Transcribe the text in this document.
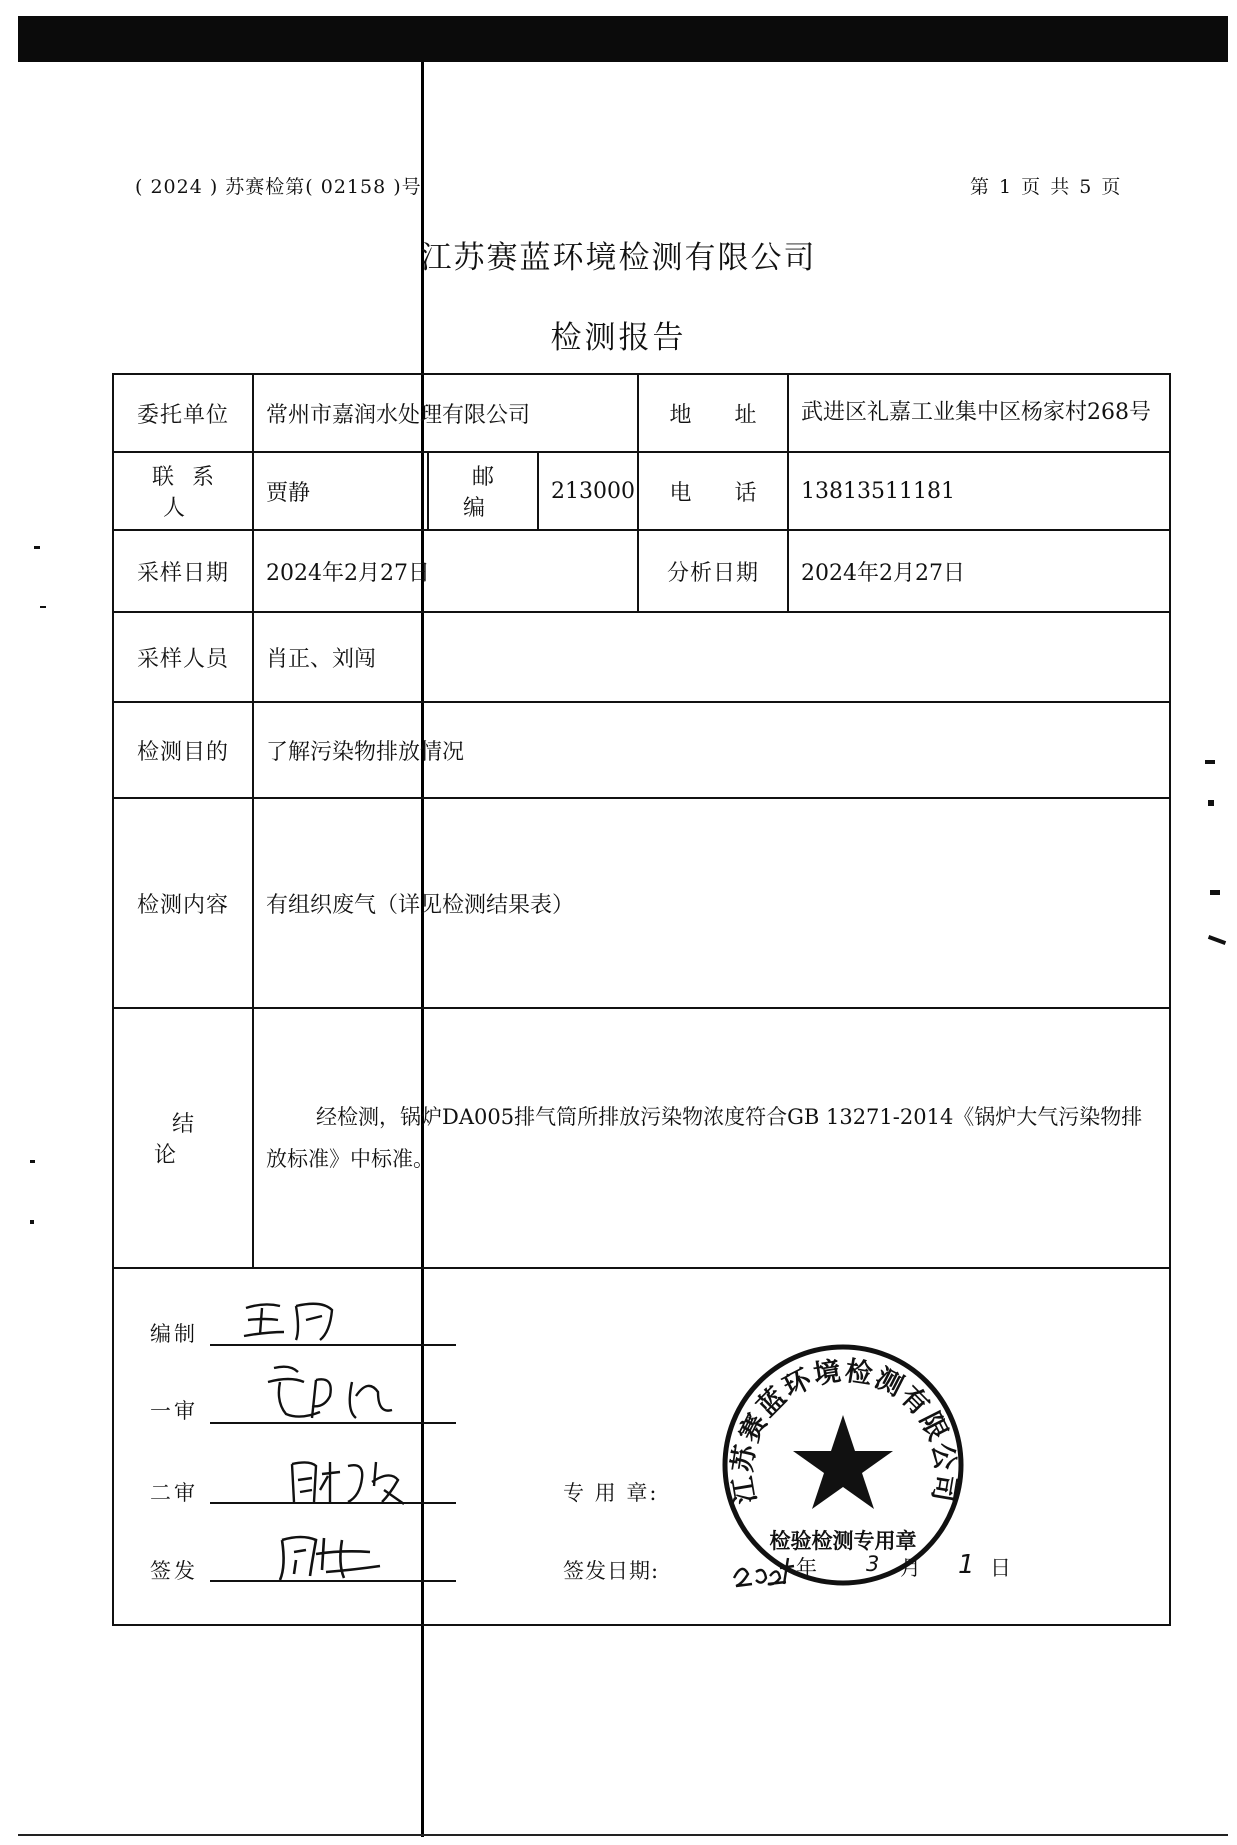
( 2024 ) 苏赛检第( 02158 )号	第 1 页 共 5 页
江苏赛蓝环境检测有限公司
检测报告
委托单位	常州市嘉润水处理有限公司			地 址	武进区礼嘉工业集中区杨家村268号
联系人	贾静	邮 编	213000	电 话	13813511181
采样日期	2024年2月27日			分析日期	2024年2月27日
采样人员	肖正、刘闯				
检测目的	了解污染物排放情况				
检测内容	有组织废气（详见检测结果表）				
结 论	经检测，锅炉DA005排气筒所排放污染物浓度符合GB 13271-2014《锅炉大气污染物排放标准》中标准。				

编制
一审
二审
签发
专 用 章:
签发日期:	年 3 月 1 日
江苏赛蓝环境检测有限公司
检验检测专用章
